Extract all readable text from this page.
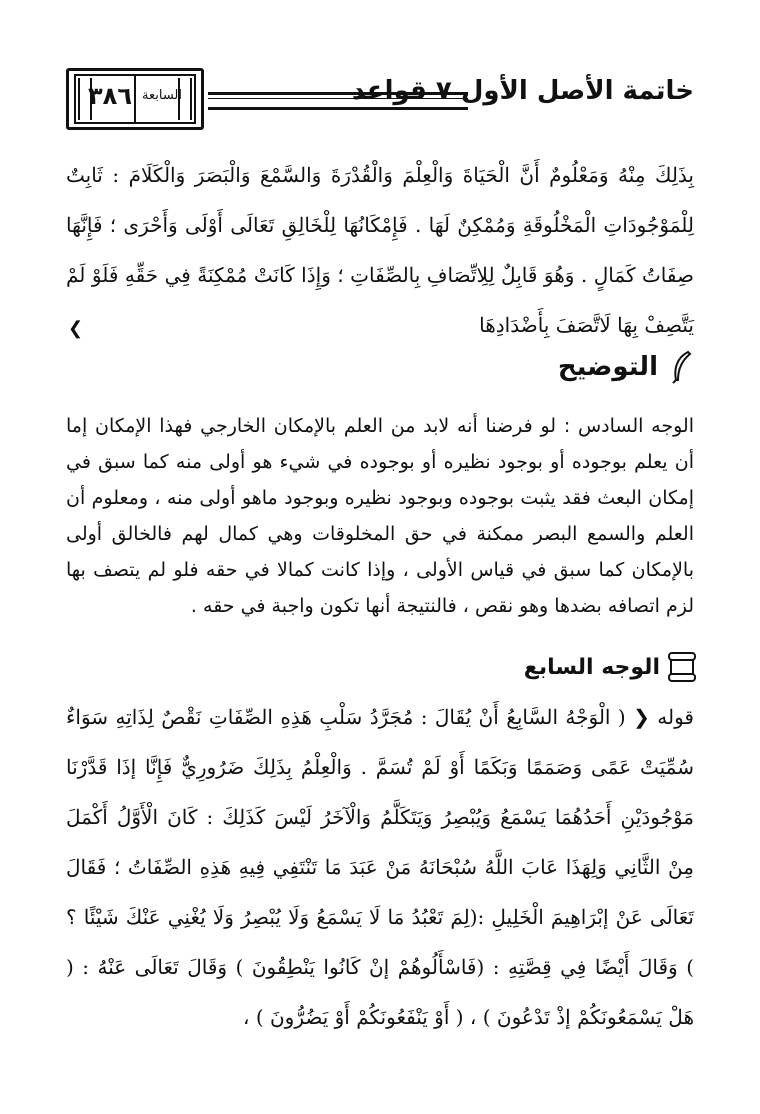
٣٨٦ السابعة	خاتمة الأصل الأول ٧ قواعد
بِذَلِكَ مِنْهُ وَمَعْلُومٌ أَنَّ الْحَيَاةَ وَالْعِلْمَ وَالْقُدْرَةَ وَالسَّمْعَ وَالْبَصَرَ وَالْكَلَامَ : ثَابِتٌ لِلْمَوْجُودَاتِ الْمَخْلُوقَةِ وَمُمْكِنٌ لَهَا . فَإِمْكَانُهَا لِلْخَالِقِ تَعَالَى أَوْلَى وَأَحْرَى ؛ فَإِنَّهَا صِفَاتُ كَمَالٍ . وَهُوَ قَابِلٌ لِلِاتِّصَافِ بِالصِّفَاتِ ؛ وَإِذَا كَانَتْ مُمْكِنَةً فِي حَقِّهِ فَلَوْ لَمْ يَتَّصِفْ بِهَا لَاتَّصَفَ بِأَضْدَادِهَا
❮
التوضيح
الوجه السادس : لو فرضنا أنه لابد من العلم بالإمكان الخارجي فهذا الإمكان إما أن يعلم بوجوده أو بوجود نظيره أو بوجوده في شيء هو أولى منه كما سبق في إمكان البعث فقد يثبت بوجوده وبوجود نظيره وبوجود ماهو أولى منه ، ومعلوم أن العلم والسمع البصر ممكنة في حق المخلوقات وهي كمال لهم فالخالق أولى بالإمكان كما سبق في قياس الأولى ، وإذا كانت كمالا في حقه فلو لم يتصف بها لزم اتصافه بضدها وهو نقص ، فالنتيجة أنها تكون واجبة في حقه .
الوجه السابع
قوله ❮ ( الْوَجْهُ السَّابِعُ أَنْ يُقَالَ : مُجَرَّدُ سَلْبِ هَذِهِ الصِّفَاتِ نَقْصٌ لِذَاتِهِ سَوَاءٌ سُمِّيَتْ عَمًى وَصَمَمًا وَبَكَمًا أَوْ لَمْ تُسَمَّ . وَالْعِلْمُ بِذَلِكَ ضَرُورِيٌّ فَإِنَّا إذَا قَدَّرْنَا مَوْجُودَيْنِ أَحَدُهُمَا يَسْمَعُ وَيُبْصِرُ وَيَتَكَلَّمُ وَالْآخَرُ لَيْسَ كَذَلِكَ : كَانَ الْأَوَّلُ أَكْمَلَ مِنْ الثَّانِي وَلِهَذَا عَابَ اللَّهُ سُبْحَانَهُ مَنْ عَبَدَ مَا تَنْتَفِي فِيهِ هَذِهِ الصِّفَاتُ ؛ فَقَالَ تَعَالَى عَنْ إبْرَاهِيمَ الْخَلِيلِ :(لِمَ تَعْبُدُ مَا لَا يَسْمَعُ وَلَا يُبْصِرُ وَلَا يُغْنِي عَنْكَ شَيْئًا ؟ ) وَقَالَ أَيْضًا فِي قِصَّتِهِ : (فَاسْأَلُوهُمْ إنْ كَانُوا يَنْطِقُونَ ) وَقَالَ تَعَالَى عَنْهُ : ( هَلْ يَسْمَعُونَكُمْ إذْ تَدْعُونَ ) ، ( أَوْ يَنْفَعُونَكُمْ أَوْ يَضُرُّونَ ) ،
